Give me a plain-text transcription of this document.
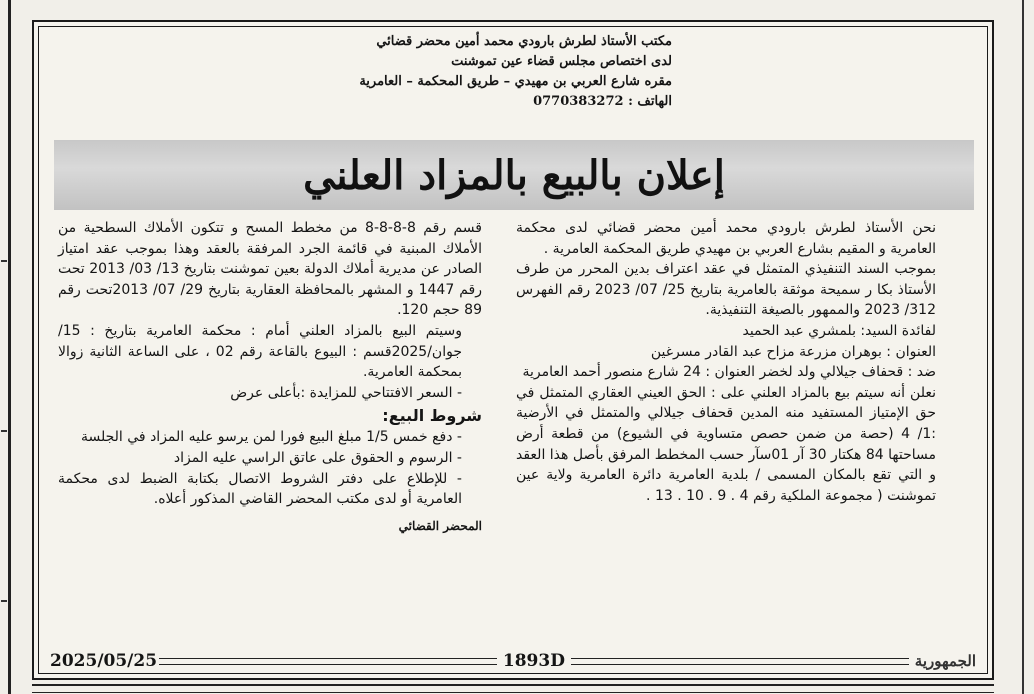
مكتب الأستاذ لطرش بارودي محمد أمين محضر قضائي
لدى اختصاص مجلس قضاء عين تموشنت
مقره شارع العربي بن مهيدي – طريق المحكمة – العامرية
الهاتف : 0770383272
إعلان بالبيع بالمزاد العلني

نحن الأستاذ لطرش بارودي محمد أمين محضر قضائي لدى محكمة العامرية و المقيم بشارع العربي بن مهيدي طريق المحكمة العامرية .

بموجب السند التنفيذي المتمثل في عقد اعتراف بدين المحرر من طرف الأستاذ بكا ر سميحة موثقة بالعامرية بتاريخ 25/ 07/ 2023 رقم الفهرس 312/ 2023 والممهور بالصيغة التنفيذية.

لفائدة السيد: بلمشري عبد الحميد

العنوان : بوهران مزرعة مزاح عبد القادر مسرغين

ضد : قحفاف جيلالي ولد لخضر العنوان : 24 شارع منصور أحمد العامرية

نعلن أنه سيتم بيع بالمزاد العلني على : الحق العيني العقاري المتمثل في حق الإمتياز المستفيد منه المدين قحفاف جيلالي والمتمثل في الأرضية :1/ 4 (حصة من ضمن حصص متساوية في الشيوع) من قطعة أرض مساحتها 84 هكتار 30 آر 01سآر حسب المخطط المرفق بأصل هذا العقد و التي تقع بالمكان المسمى / بلدية العامرية دائرة العامرية ولاية عين تموشنت ( مجموعة الملكية رقم 4 . 9 . 10 . 13 .

قسم رقم 8-8-8-8 من مخطط المسح و تتكون الأملاك السطحية من الأملاك المبنية في قائمة الجرد المرفقة بالعقد وهذا بموجب عقد امتياز الصادر عن مديرية أملاك الدولة بعين تموشنت بتاريخ 13/ 03/ 2013 تحت رقم 1447 و المشهر بالمحافظة العقارية بتاريخ 29/ 07/ 2013تحت رقم 89 حجم 120.

وسيتم البيع بالمزاد العلني أمام : محكمة العامرية بتاريخ : 15/جوان/2025قسم : البيوع بالقاعة رقم 02 ، على الساعة الثانية زوالا بمحكمة العامرية.

- السعر الافتتاحي للمزايدة :بأعلى عرض

شروط البيع:

- دفع خمس 1/5 مبلغ البيع فورا لمن يرسو عليه المزاد في الجلسة

- الرسوم و الحقوق على عاتق الراسي عليه المزاد

- للإطلاع على دفتر الشروط الاتصال بكتابة الضبط لدى محكمة العامرية أو لدى مكتب المحضر القاضي المذكور أعلاه.

المحضر القضائي

2025/05/25	1893D	الجمهورية
